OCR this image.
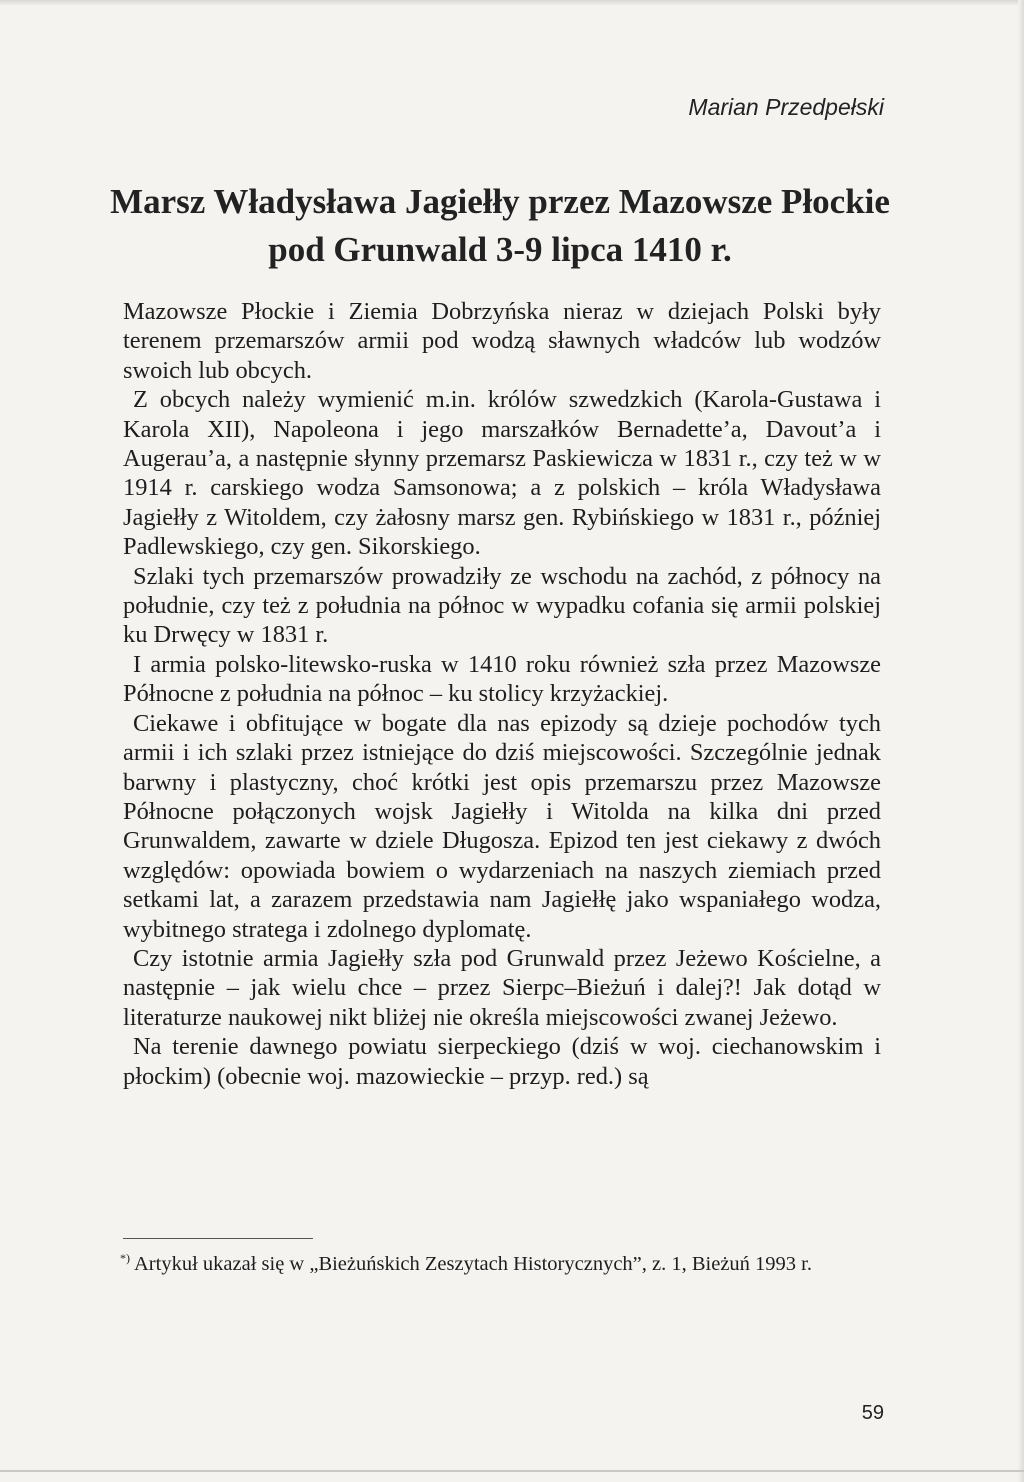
Marian Przedpełski
Marsz Władysława Jagiełły przez Mazowsze Płockie
pod Grunwald 3-9 lipca 1410 r.

Mazowsze Płockie i Ziemia Dobrzyńska nieraz w dziejach Polski były terenem przemarszów armii pod wodzą sławnych władców lub wodzów swoich lub obcych.

Z obcych należy wymienić m.in. królów szwedzkich (Karola-Gustawa i Karola XII), Napoleona i jego marszałków Bernadette’a, Davout’a i Augerau’a, a następnie słynny przemarsz Paskiewicza w 1831 r., czy też w w 1914 r. carskiego wodza Samsonowa; a z polskich – króla Władysława Jagiełły z Witoldem, czy żałosny marsz gen. Rybińskiego w 1831 r., później Padlewskiego, czy gen. Sikorskiego.

Szlaki tych przemarszów prowadziły ze wschodu na zachód, z północy na południe, czy też z południa na północ w wypadku cofania się armii polskiej ku Drwęcy w 1831 r.

I armia polsko-litewsko-ruska w 1410 roku również szła przez Mazowsze Północne z południa na północ – ku stolicy krzyżackiej.

Ciekawe i obfitujące w bogate dla nas epizody są dzieje pochodów tych armii i ich szlaki przez istniejące do dziś miejscowości. Szczególnie jednak barwny i plastyczny, choć krótki jest opis przemarszu przez Mazowsze Północne połączonych wojsk Jagiełły i Witolda na kilka dni przed Grunwaldem, zawarte w dziele Długosza. Epizod ten jest ciekawy z dwóch względów: opowiada bowiem o wydarzeniach na naszych ziemiach przed setkami lat, a zarazem przedstawia nam Jagiełłę jako wspaniałego wodza, wybitnego stratega i zdolnego dyplomatę.

Czy istotnie armia Jagiełły szła pod Grunwald przez Jeżewo Kościelne, a następnie – jak wielu chce – przez Sierpc–Bieżuń i dalej?! Jak dotąd w literaturze naukowej nikt bliżej nie określa miejscowości zwanej Jeżewo.

Na terenie dawnego powiatu sierpeckiego (dziś w woj. ciechanowskim i płockim) (obecnie woj. mazowieckie – przyp. red.) są

*) Artykuł ukazał się w „Bieżuńskich Zeszytach Historycznych”, z. 1, Bieżuń 1993 r.
59
